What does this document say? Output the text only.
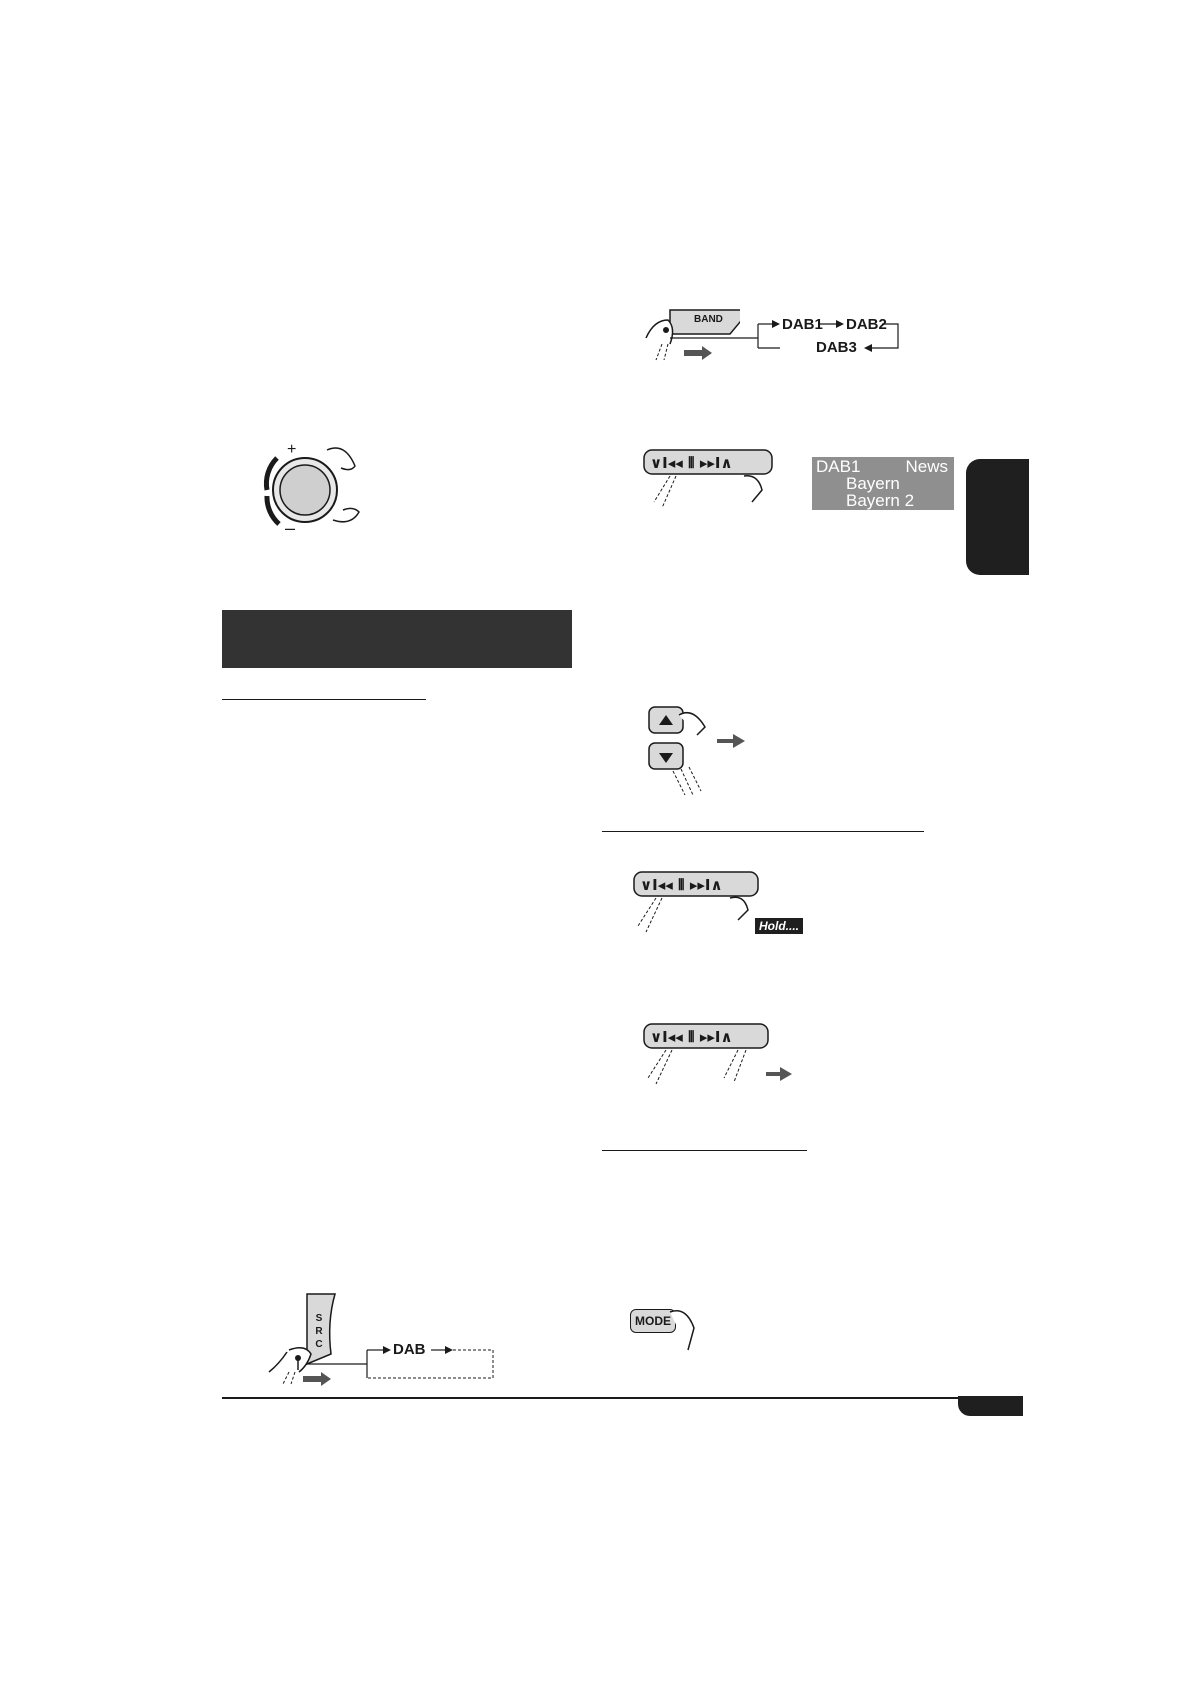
+
–
S
R
C	DAB
BAND	DAB1 DAB2
DAB3
∨I◂◂ ⦀ ▸▸I∧	DAB1	News
Bayern
Bayern 2
∨I◂◂ ⦀ ▸▸I∧
Hold....
∨I◂◂ ⦀ ▸▸I∧
MODE
